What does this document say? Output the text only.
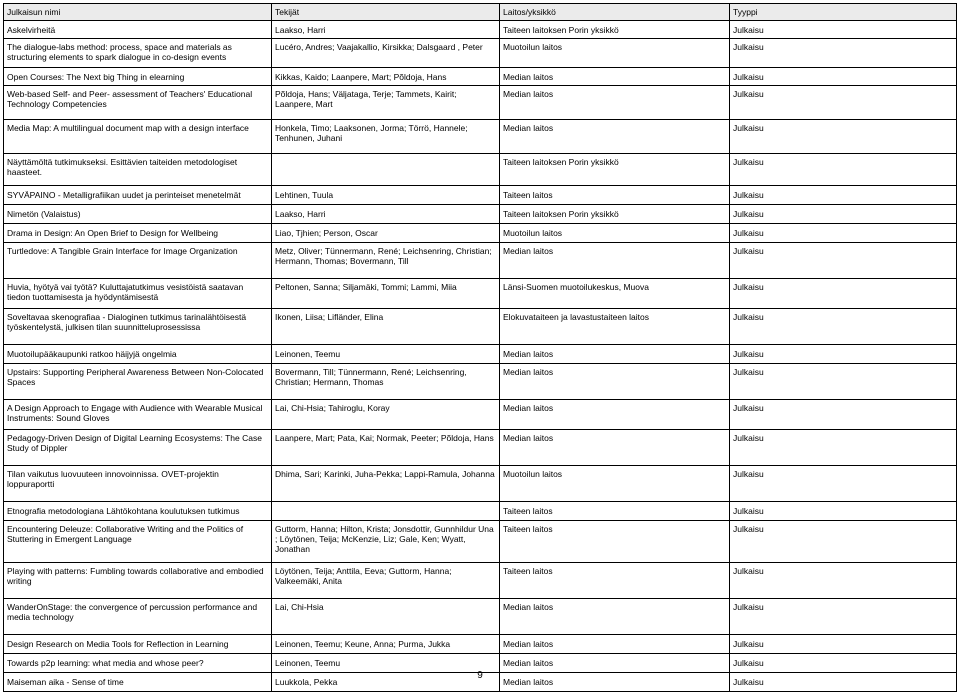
Julkaisun nimi	Tekijät	Laitos/yksikkö	Tyyppi
Askelvirheitä	Laakso, Harri	Taiteen laitoksen Porin yksikkö	Julkaisu
The dialogue-labs method: process, space and materials as structuring elements to spark dialogue in co-design events	Lucéro, Andres; Vaajakallio, Kirsikka; Dalsgaard , Peter	Muotoilun laitos	Julkaisu
Open Courses: The Next big Thing in elearning	Kikkas, Kaido; Laanpere, Mart; Põldoja, Hans	Median laitos	Julkaisu
Web-based Self- and Peer- assessment of Teachers' Educational Technology Competencies	Põldoja, Hans; Väljataga, Terje; Tammets, Kairit; Laanpere, Mart	Median laitos	Julkaisu
Media Map: A multilingual document map with a design interface	Honkela, Timo; Laaksonen, Jorma; Törrö, Hannele; Tenhunen, Juhani	Median laitos	Julkaisu
Näyttämöltä tutkimukseksi. Esittävien taiteiden metodologiset haasteet.		Taiteen laitoksen Porin yksikkö	Julkaisu
SYVÄPAINO - Metalligrafiikan uudet ja perinteiset menetelmät	Lehtinen, Tuula	Taiteen laitos	Julkaisu
Nimetön (Valaistus)	Laakso, Harri	Taiteen laitoksen Porin yksikkö	Julkaisu
Drama in Design: An Open Brief to Design for Wellbeing	Liao, Tjhien; Person, Oscar	Muotoilun laitos	Julkaisu
Turtledove: A Tangible Grain Interface for Image Organization	Metz, Oliver; Tünnermann, René; Leichsenring, Christian; Hermann, Thomas; Bovermann, Till	Median laitos	Julkaisu
Huvia, hyötyä vai työtä? Kuluttajatutkimus vesistöistä saatavan tiedon tuottamisesta ja hyödyntämisestä	Peltonen, Sanna; Siljamäki, Tommi; Lammi, Miia	Länsi-Suomen muotoilukeskus, Muova	Julkaisu
Soveltavaa skenografiaa - Dialoginen tutkimus tarinalähtöisestä työskentelystä, julkisen tilan suunnitteluprosessissa	Ikonen, Liisa; Lifländer, Elina	Elokuvataiteen ja lavastustaiteen laitos	Julkaisu
Muotoilupääkaupunki ratkoo häijyjä ongelmia	Leinonen, Teemu	Median laitos	Julkaisu
Upstairs: Supporting Peripheral Awareness Between Non-Colocated Spaces	Bovermann, Till; Tünnermann, René; Leichsenring, Christian; Hermann, Thomas	Median laitos	Julkaisu
A Design Approach to Engage with Audience with Wearable Musical Instruments: Sound Gloves	Lai, Chi-Hsia; Tahiroglu, Koray	Median laitos	Julkaisu
Pedagogy-Driven Design of Digital Learning Ecosystems: The Case Study of Dippler	Laanpere, Mart; Pata, Kai; Normak, Peeter; Põldoja, Hans	Median laitos	Julkaisu
Tilan vaikutus luovuuteen innovoinnissa. OVET-projektin loppuraportti	Dhima, Sari; Karinki, Juha-Pekka; Lappi-Ramula, Johanna	Muotoilun laitos	Julkaisu
Etnografia metodologiana Lähtökohtana koulutuksen tutkimus		Taiteen laitos	Julkaisu
Encountering Deleuze: Collaborative Writing and the Politics of Stuttering in Emergent Language	Guttorm, Hanna; Hilton, Krista; Jonsdottir, Gunnhildur Una ; Löytönen, Teija; McKenzie, Liz; Gale, Ken; Wyatt, Jonathan	Taiteen laitos	Julkaisu
Playing with patterns: Fumbling towards collaborative and embodied writing	Löytönen, Teija; Anttila, Eeva; Guttorm, Hanna; Valkeemäki, Anita	Taiteen laitos	Julkaisu
WanderOnStage: the convergence of percussion performance and media technology	Lai, Chi-Hsia	Median laitos	Julkaisu
Design Research on Media Tools for Reflection in Learning	Leinonen, Teemu; Keune, Anna; Purma, Jukka	Median laitos	Julkaisu
Towards p2p learning: what media and whose peer?	Leinonen, Teemu	Median laitos	Julkaisu
Maiseman aika - Sense of time	Luukkola, Pekka	Median laitos	Julkaisu
9
